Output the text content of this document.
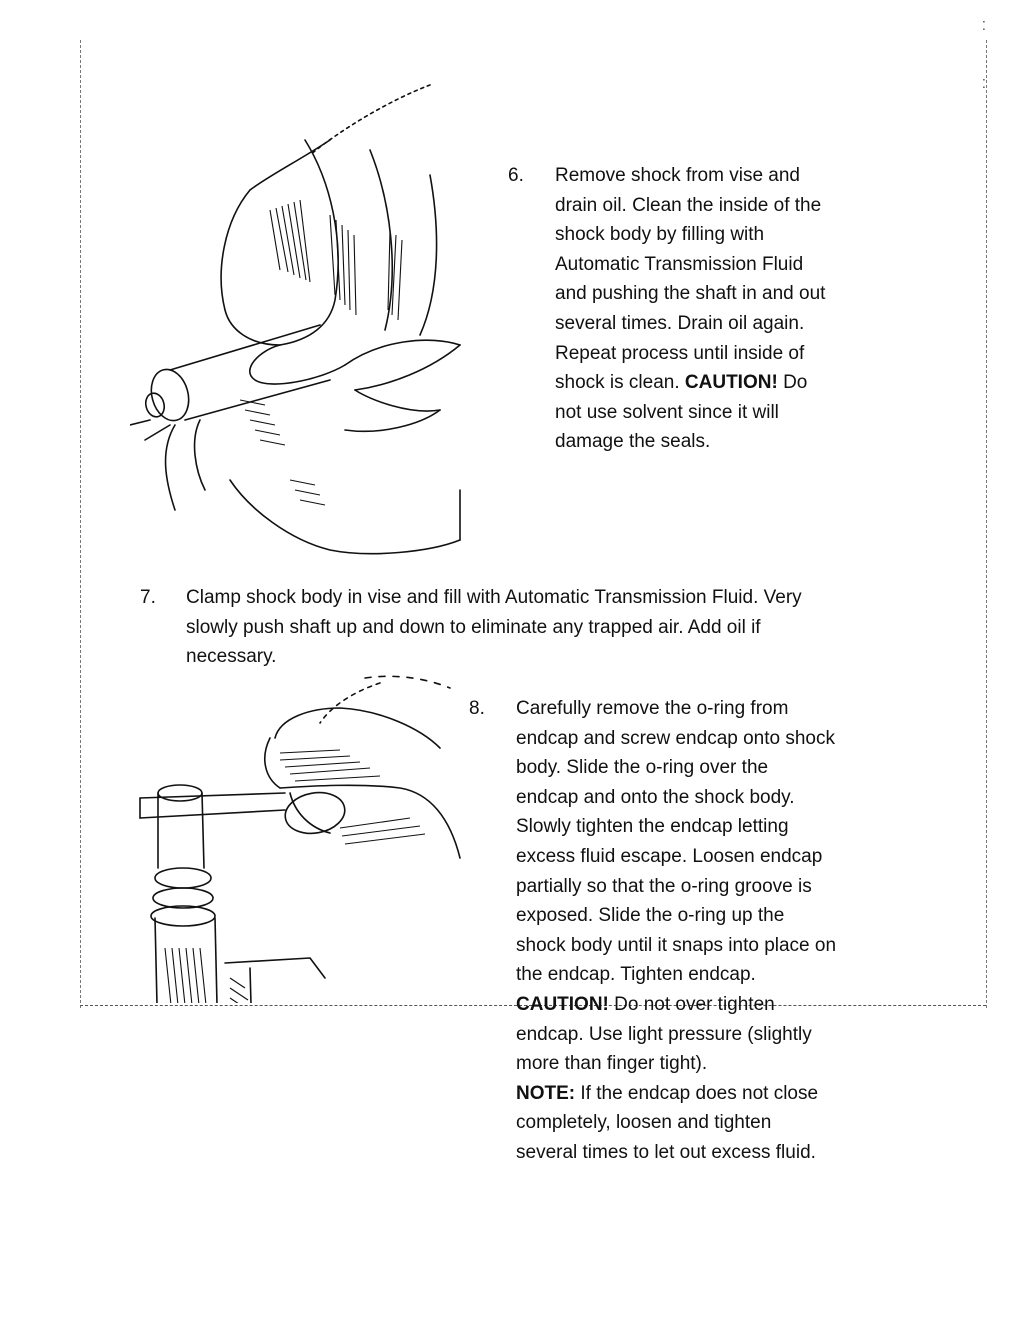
⁚
⁚
6. Remove shock from vise and
drain oil. Clean the inside of the
shock body by filling with
Automatic Transmission Fluid
and pushing the shaft in and out
several times. Drain oil again.
Repeat process until inside of
shock is clean. CAUTION! Do
not use solvent since it will
damage the seals.
7. Clamp shock body in vise and fill with Automatic Transmission Fluid. Very
slowly push shaft up and down to eliminate any trapped air. Add oil if
necessary.
8. Carefully remove the o-ring from
endcap and screw endcap onto shock
body. Slide the o-ring over the
endcap and onto the shock body.
Slowly tighten the endcap letting
excess fluid escape. Loosen endcap
partially so that the o-ring groove is
exposed. Slide the o-ring up the
shock body until it snaps into place on
the endcap. Tighten endcap.
CAUTION! Do not over tighten
endcap. Use light pressure (slightly
more than finger tight).
NOTE: If the endcap does not close
completely, loosen and tighten
several times to let out excess fluid.
